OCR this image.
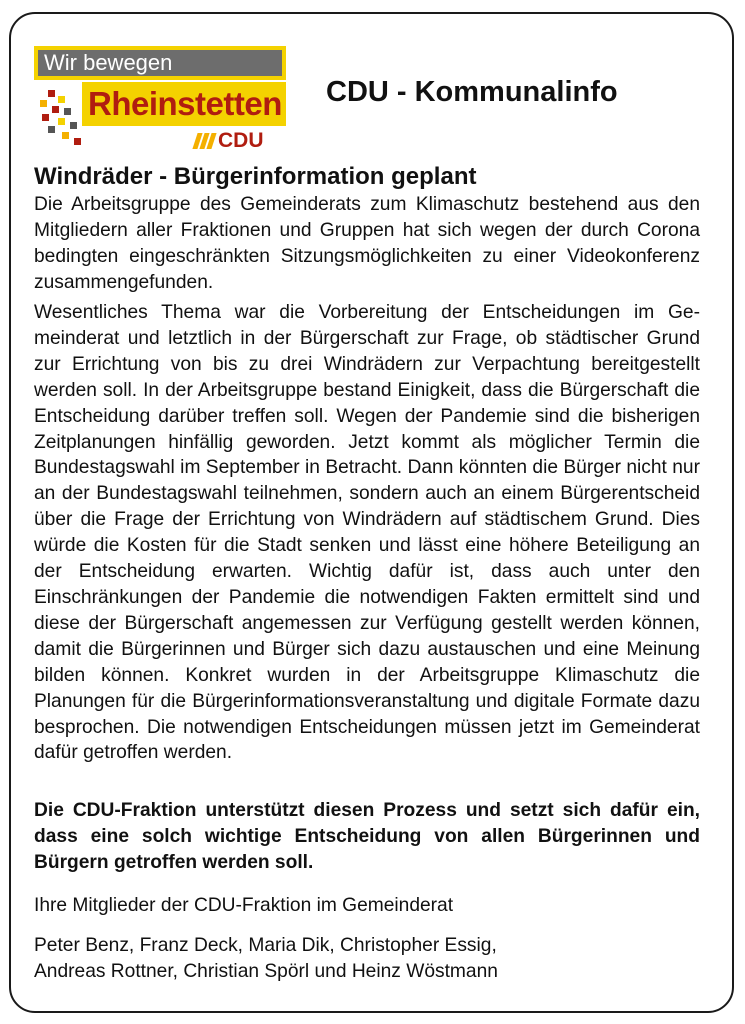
Wir bewegen
Rheinstetten
CDU
CDU - Kommunalinfo
Windräder - Bürgerinformation geplant
Die Arbeitsgruppe des Gemeinderats zum Klimaschutz bestehend aus den Mitgliedern aller Fraktionen und Gruppen hat sich wegen der durch Corona bedingten eingeschränkten Sitzungsmöglichkeiten zu einer Videokonferenz zusammengefunden.
Wesentliches Thema war die Vorbereitung der Entscheidungen im Gemeinderat und letztlich in der Bürgerschaft zur Frage, ob städtischer Grund zur Errichtung von bis zu drei Windrädern zur Verpachtung bereitgestellt werden soll. In der Arbeitsgruppe bestand Einigkeit, dass die Bürgerschaft die Entscheidung darüber treffen soll. Wegen der Pandemie sind die bisherigen Zeitplanungen hinfällig geworden. Jetzt kommt als möglicher Termin die Bundestagswahl im September in Betracht. Dann könnten die Bürger nicht nur an der Bundestagswahl teilnehmen, sondern auch an einem Bürgerentscheid über die Frage der Errichtung von Windrädern auf städtischem Grund. Dies würde die Kosten für die Stadt senken und lässt eine höhere Beteiligung an der Entscheidung erwarten. Wichtig dafür ist, dass auch unter den Einschränkungen der Pandemie die notwendigen Fakten ermittelt sind und diese der Bürgerschaft angemessen zur Verfügung gestellt werden können, damit die Bürgerinnen und Bürger sich dazu austauschen und eine Meinung bilden können. Konkret wurden in der Arbeitsgruppe Klimaschutz die Planungen für die Bürgerinformationsveranstaltung und digitale Formate dazu besprochen. Die notwendigen Entscheidungen müssen jetzt im Gemeinderat dafür getroffen werden.
Die CDU-Fraktion unterstützt diesen Prozess und setzt sich dafür ein, dass eine solch wichtige Entscheidung von allen Bürgerinnen und Bürgern getroffen werden soll.
Ihre Mitglieder der CDU-Fraktion im Gemeinderat
Peter Benz, Franz Deck, Maria Dik, Christopher Essig,
Andreas Rottner, Christian Spörl und Heinz Wöstmann
